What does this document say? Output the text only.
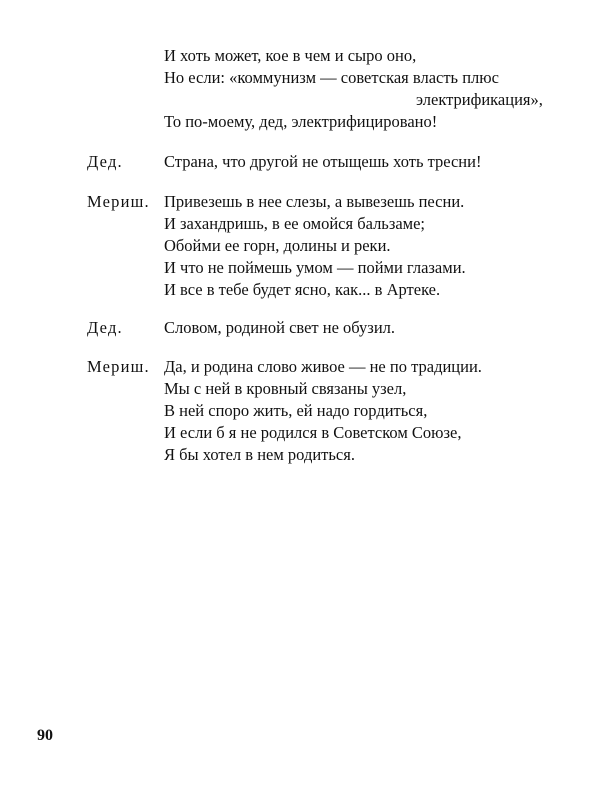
И хоть может, кое в чем и сыро оно,

Но если: «коммунизм — советская власть плюс

электрификация»,

То по-моему, дед, электрифицировано!

Дед. Страна, что другой не отыщешь хоть тресни!

Мериш. Привезешь в нее слезы, а вывезешь песни.

И захандришь, в ее омойся бальзаме;

Обойми ее горн, долины и реки.

И что не поймешь умом — пойми глазами.

И все в тебе будет ясно, как... в Артеке.

Дед. Словом, родиной свет не обузил.

Мериш. Да, и родина слово живое — не по традиции.

Мы с ней в кровный связаны узел,

В ней споро жить, ей надо гордиться,

И если б я не родился в Советском Союзе,

Я бы хотел в нем родиться.

90
